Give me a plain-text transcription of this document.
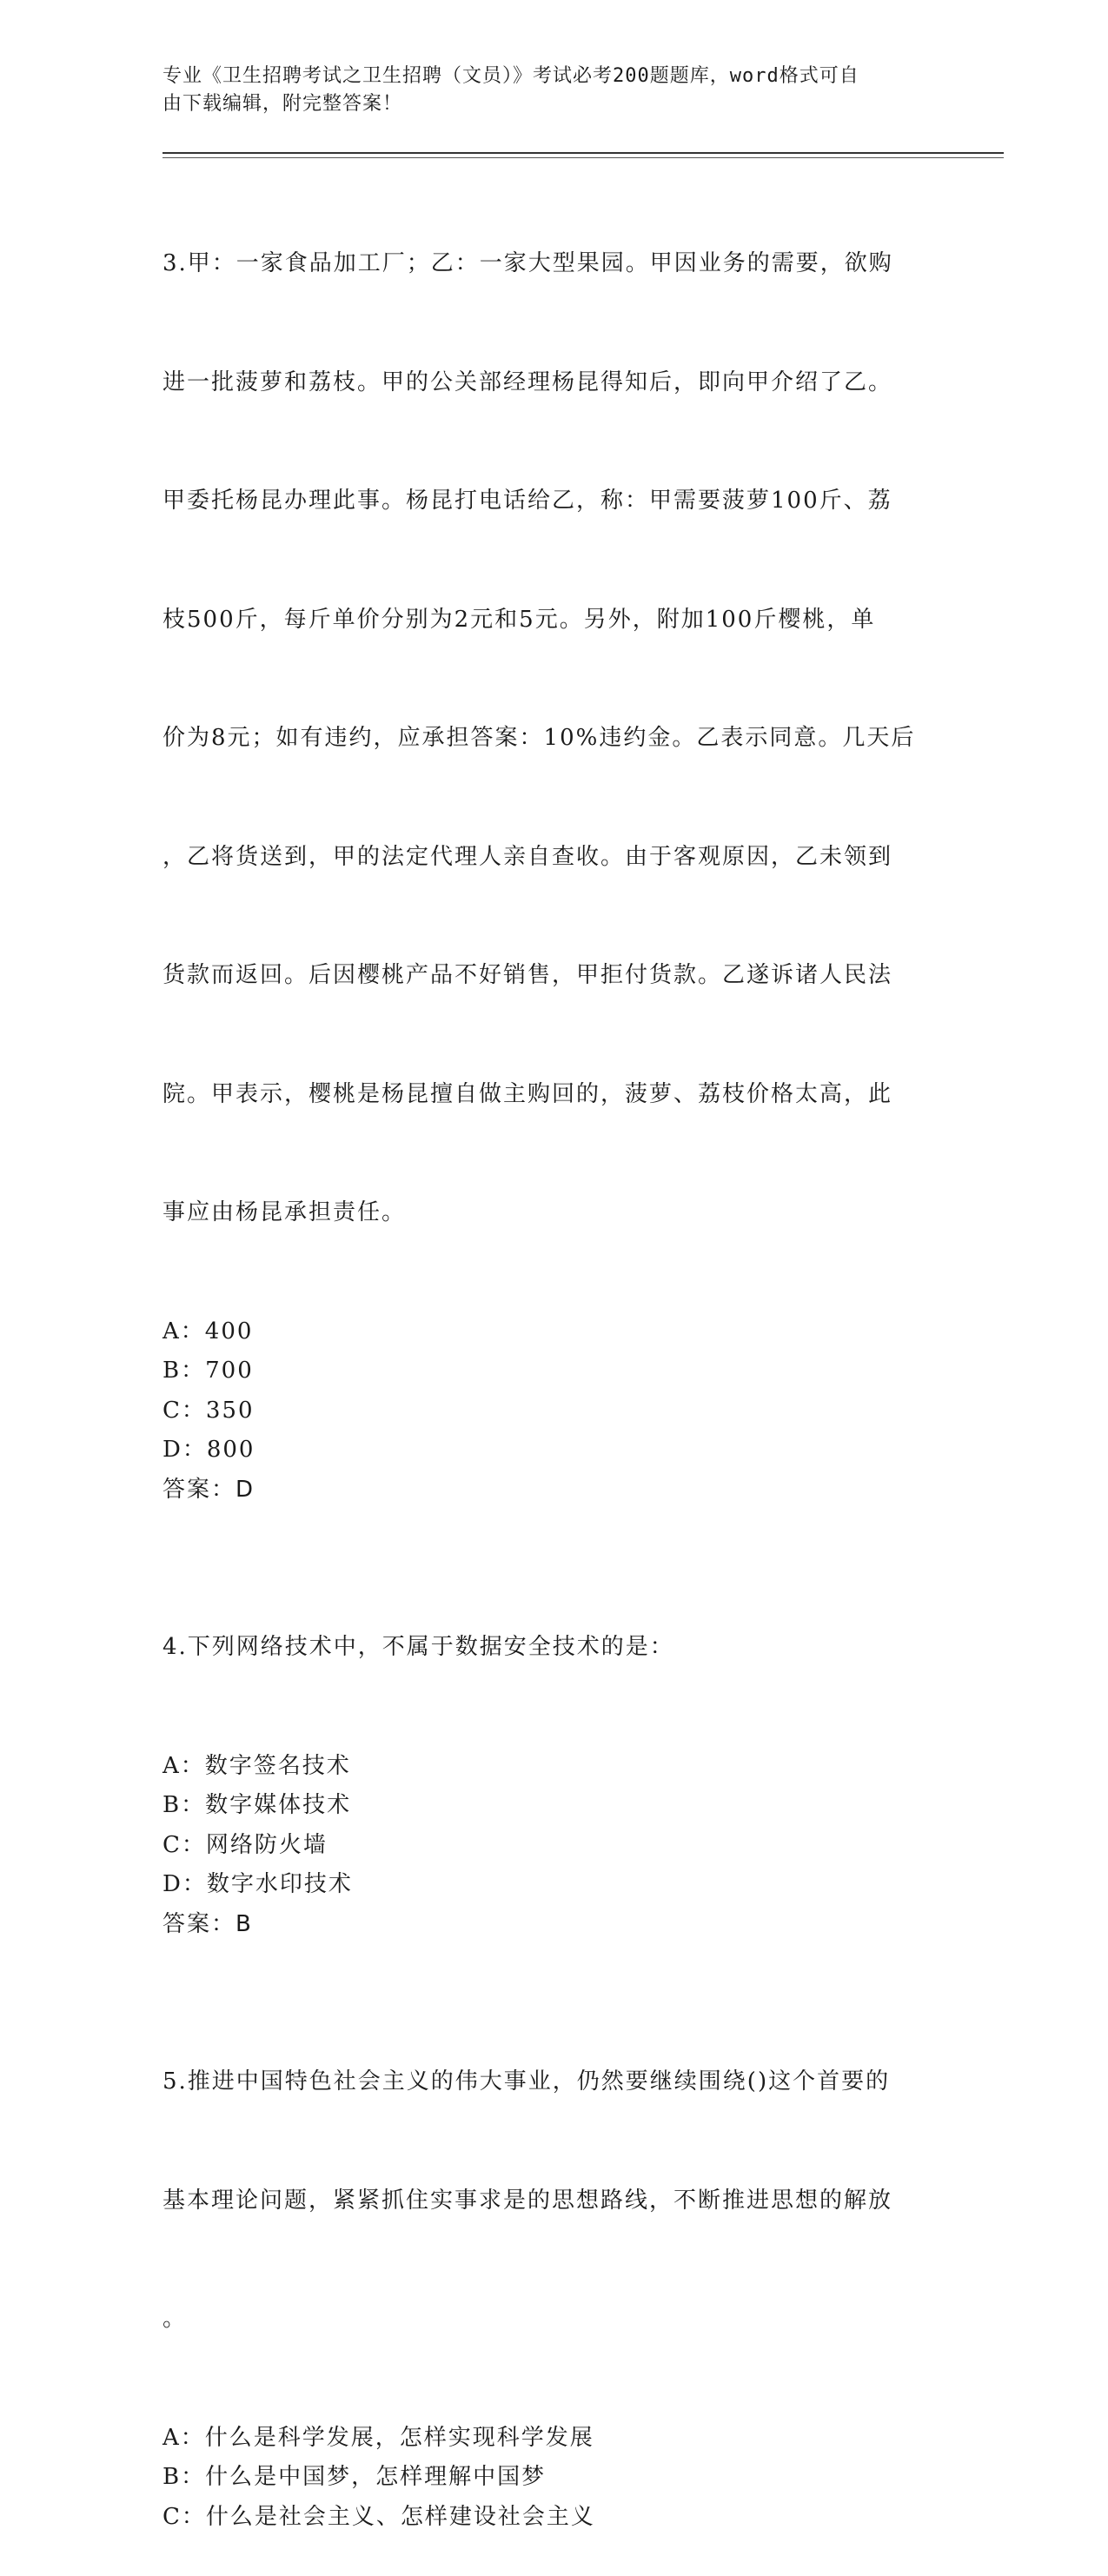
专业《卫生招聘考试之卫生招聘（文员）》考试必考200题题库，word格式可自
由下载编辑，附完整答案！

3.甲：一家食品加工厂；乙：一家大型果园。甲因业务的需要，欲购

进一批菠萝和荔枝。甲的公关部经理杨昆得知后，即向甲介绍了乙。

甲委托杨昆办理此事。杨昆打电话给乙，称：甲需要菠萝100斤、荔

枝500斤，每斤单价分别为2元和5元。另外，附加100斤樱桃，单

价为8元；如有违约，应承担答案：10%违约金。乙表示同意。几天后

，乙将货送到，甲的法定代理人亲自查收。由于客观原因，乙未领到

货款而返回。后因樱桃产品不好销售，甲拒付货款。乙遂诉诸人民法

院。甲表示，樱桃是杨昆擅自做主购回的，菠萝、荔枝价格太高，此

事应由杨昆承担责任。

A：400
B：700
C：350
D：800
答案：D

4.下列网络技术中，不属于数据安全技术的是：

A：数字签名技术
B：数字媒体技术
C：网络防火墙
D：数字水印技术
答案：B

5.推进中国特色社会主义的伟大事业，仍然要继续围绕()这个首要的

基本理论问题，紧紧抓住实事求是的思想路线，不断推进思想的解放

。

A：什么是科学发展，怎样实现科学发展
B：什么是中国梦，怎样理解中国梦
C：什么是社会主义、怎样建设社会主义
